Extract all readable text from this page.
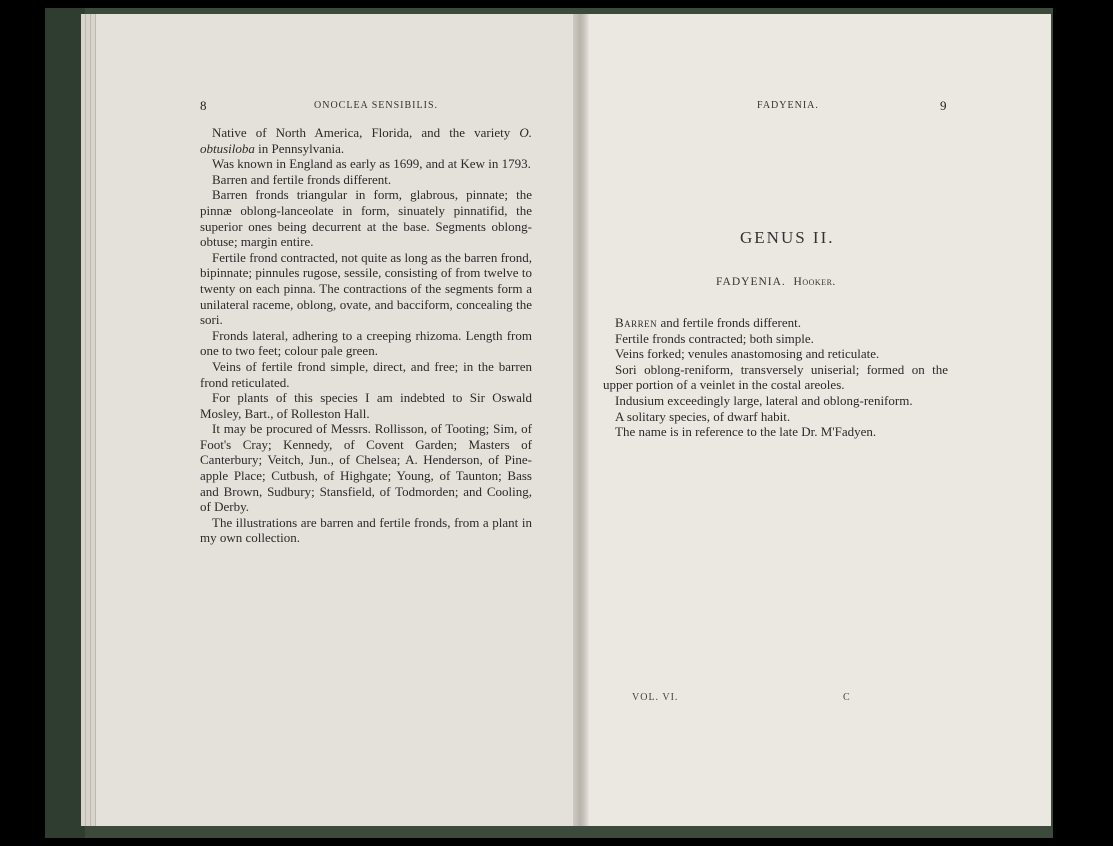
8	ONOCLEA SENSIBILIS.

Native of North America, Florida, and the variety O. obtusiloba in Pennsylvania.

Was known in England as early as 1699, and at Kew in 1793.

Barren and fertile fronds different.

Barren fronds triangular in form, glabrous, pinnate; the pinnæ oblong-lanceolate in form, sinuately pinnatifid, the superior ones being decurrent at the base. Segments oblong-obtuse; margin entire.

Fertile frond contracted, not quite as long as the barren frond, bipinnate; pinnules rugose, sessile, consisting of from twelve to twenty on each pinna. The contractions of the segments form a unilateral raceme, oblong, ovate, and bacciform, concealing the sori.

Fronds lateral, adhering to a creeping rhizoma. Length from one to two feet; colour pale green.

Veins of fertile frond simple, direct, and free; in the barren frond reticulated.

For plants of this species I am indebted to Sir Oswald Mosley, Bart., of Rolleston Hall.

It may be procured of Messrs. Rollisson, of Tooting; Sim, of Foot's Cray; Kennedy, of Covent Garden; Masters of Canterbury; Veitch, Jun., of Chelsea; A. Henderson, of Pine-apple Place; Cutbush, of Highgate; Young, of Taunton; Bass and Brown, Sudbury; Stansfield, of Todmorden; and Cooling, of Derby.

The illustrations are barren and fertile fronds, from a plant in my own collection.

FADYENIA.	9
GENUS II.
FADYENIA. Hooker.

Barren and fertile fronds different.

Fertile fronds contracted; both simple.

Veins forked; venules anastomosing and reticulate.

Sori oblong-reniform, transversely uniserial; formed on the upper portion of a veinlet in the costal areoles.

Indusium exceedingly large, lateral and oblong-reniform.

A solitary species, of dwarf habit.

The name is in reference to the late Dr. M'Fadyen.

VOL. VI.	C
